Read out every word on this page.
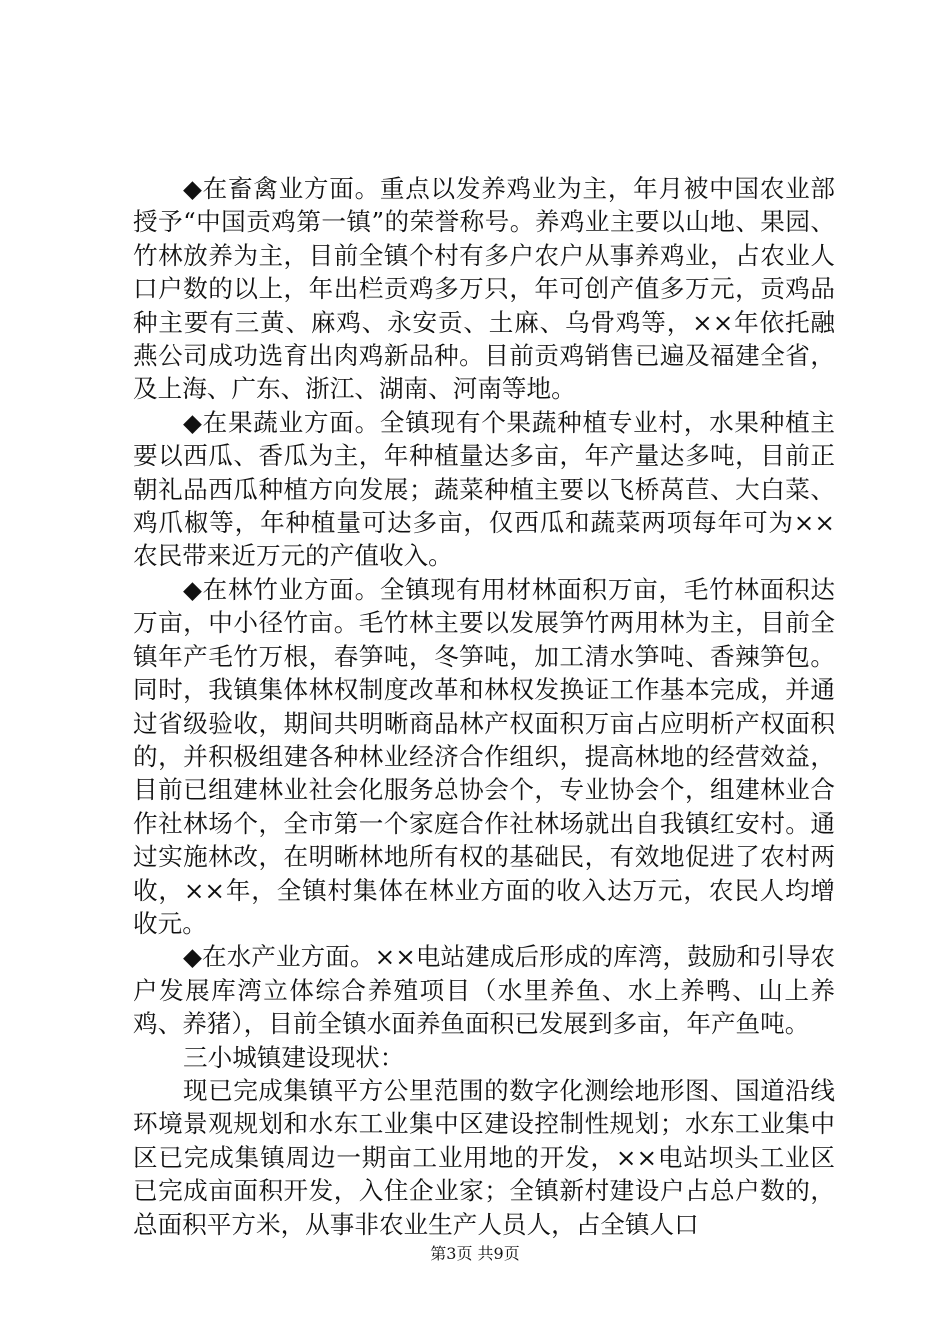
◆在畜禽业方面。重点以发养鸡业为主，年月被中国农业部授予“中国贡鸡第一镇”的荣誉称号。养鸡业主要以山地、果园、竹林放养为主，目前全镇个村有多户农户从事养鸡业，占农业人口户数的以上，年出栏贡鸡多万只，年可创产值多万元，贡鸡品种主要有三黄、麻鸡、永安贡、土麻、乌骨鸡等，××年依托融燕公司成功选育出肉鸡新品种。目前贡鸡销售已遍及福建全省，及上海、广东、浙江、湖南、河南等地。

◆在果蔬业方面。全镇现有个果蔬种植专业村，水果种植主要以西瓜、香瓜为主，年种植量达多亩，年产量达多吨，目前正朝礼品西瓜种植方向发展；蔬菜种植主要以飞桥莴苣、大白菜、鸡爪椒等，年种植量可达多亩，仅西瓜和蔬菜两项每年可为××农民带来近万元的产值收入。

◆在林竹业方面。全镇现有用材林面积万亩，毛竹林面积达万亩，中小径竹亩。毛竹林主要以发展笋竹两用林为主，目前全镇年产毛竹万根，春笋吨，冬笋吨，加工清水笋吨、香辣笋包。同时，我镇集体林权制度改革和林权发换证工作基本完成，并通过省级验收，期间共明晰商品林产权面积万亩占应明析产权面积的，并积极组建各种林业经济合作组织，提高林地的经营效益，目前已组建林业社会化服务总协会个，专业协会个，组建林业合作社林场个，全市第一个家庭合作社林场就出自我镇红安村。通过实施林改，在明晰林地所有权的基础民，有效地促进了农村两收，××年，全镇村集体在林业方面的收入达万元，农民人均增收元。

◆在水产业方面。××电站建成后形成的库湾，鼓励和引导农户发展库湾立体综合养殖项目（水里养鱼、水上养鸭、山上养鸡、养猪），目前全镇水面养鱼面积已发展到多亩，年产鱼吨。

三小城镇建设现状：

现已完成集镇平方公里范围的数字化测绘地形图、国道沿线环境景观规划和水东工业集中区建设控制性规划；水东工业集中区已完成集镇周边一期亩工业用地的开发，××电站坝头工业区已完成亩面积开发，入住企业家；全镇新村建设户占总户数的，总面积平方米，从事非农业生产人员人，占全镇人口

第3页 共9页
